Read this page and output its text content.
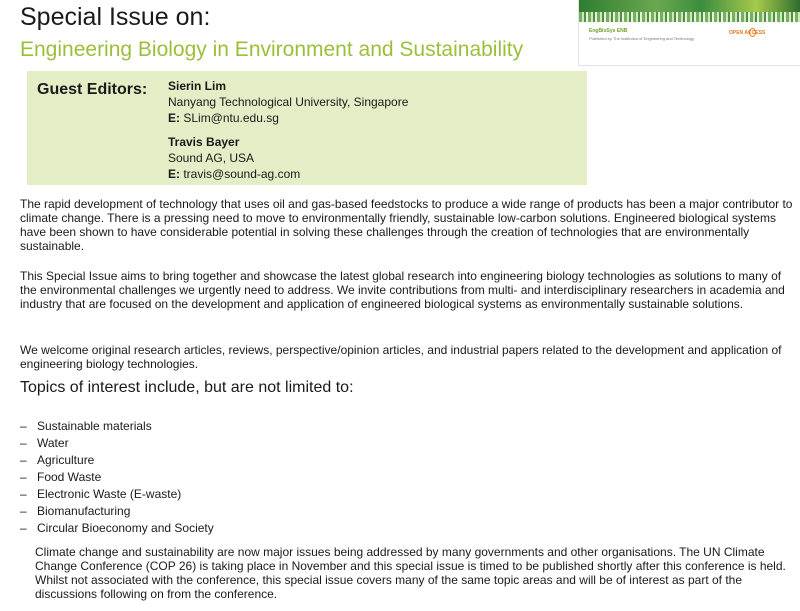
Special Issue on:
Engineering Biology in Environment and Sustainability
EngBioSys ENB
Published by The Institution of Engineering and Technology
OPEN ACCESS
Guest Editors: Sierin Lim
Nanyang Technological University, Singapore
E: SLim@ntu.edu.sg
Travis Bayer
Sound AG, USA
E: travis@sound-ag.com

The rapid development of technology that uses oil and gas-based feedstocks to produce a wide range of products has been a major contributor to climate change. There is a pressing need to move to environmentally friendly, sustainable low-carbon solutions. Engineered biological systems have been shown to have considerable potential in solving these challenges through the creation of technologies that are environmentally sustainable.

This Special Issue aims to bring together and showcase the latest global research into engineering biology technologies as solutions to many of the environmental challenges we urgently need to address. We invite contributions from multi- and interdisciplinary researchers in academia and industry that are focused on the development and application of engineered biological systems as environmentally sustainable solutions.

We welcome original research articles, reviews, perspective/opinion articles, and industrial papers related to the development and application of engineering biology technologies.

Topics of interest include, but are not limited to:
– Sustainable materials
– Water
– Agriculture
– Food Waste
– Electronic Waste (E-waste)
– Biomanufacturing
– Circular Bioeconomy and Society

Climate change and sustainability are now major issues being addressed by many governments and other organisations. The UN Climate Change Conference (COP 26) is taking place in November and this special issue is timed to be published shortly after this conference is held. Whilst not associated with the conference, this special issue covers many of the same topic areas and will be of interest as part of the discussions following on from the conference.
